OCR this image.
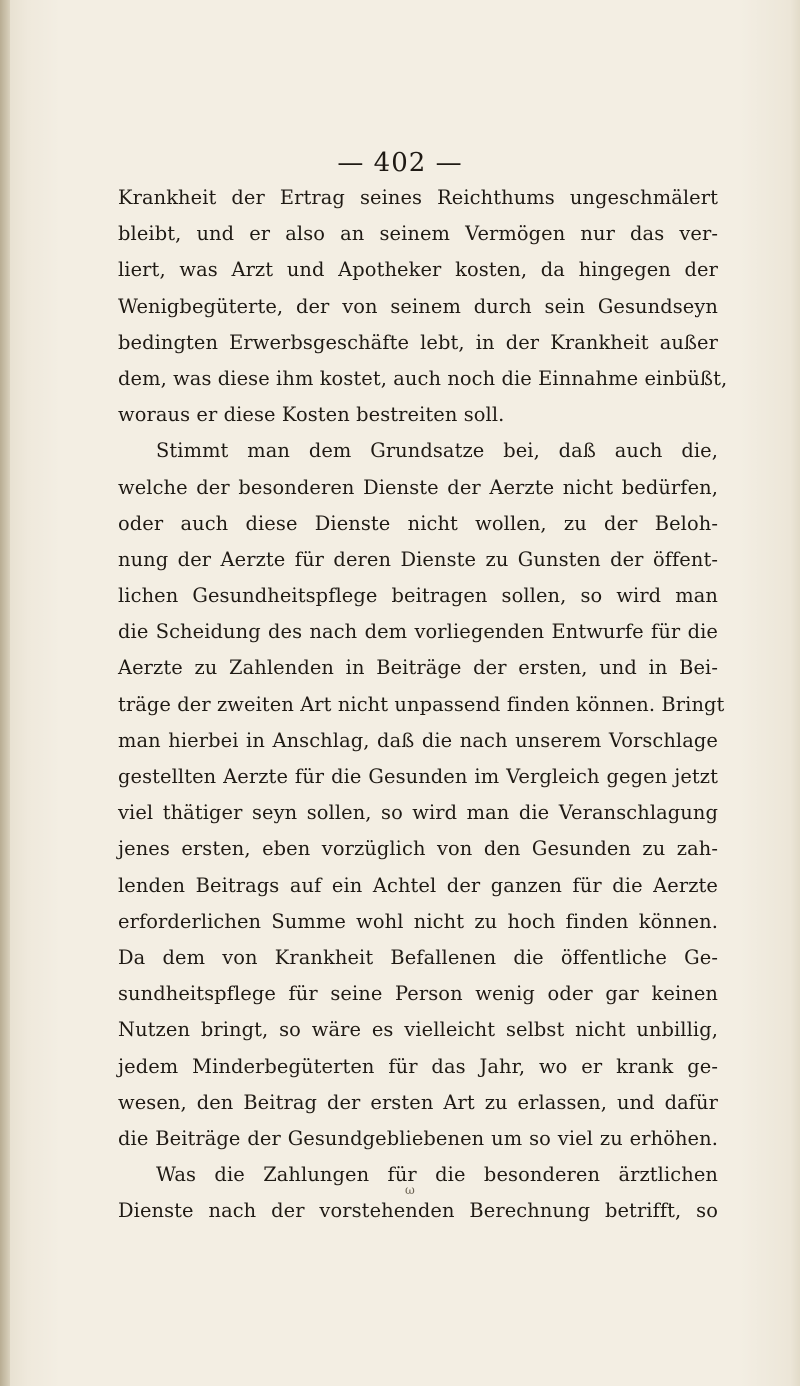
— 402 —
Krankheit der Ertrag seines Reichthums ungeschmälert
bleibt, und er also an seinem Vermögen nur das ver-
liert, was Arzt und Apotheker kosten, da hingegen der
Wenigbegüterte, der von seinem durch sein Gesundseyn
bedingten Erwerbsgeschäfte lebt, in der Krankheit außer
dem, was diese ihm kostet, auch noch die Einnahme einbüßt,
woraus er diese Kosten bestreiten soll.
Stimmt man dem Grundsatze bei, daß auch die,
welche der besonderen Dienste der Aerzte nicht bedürfen,
oder auch diese Dienste nicht wollen, zu der Beloh-
nung der Aerzte für deren Dienste zu Gunsten der öffent-
lichen Gesundheitspflege beitragen sollen, so wird man
die Scheidung des nach dem vorliegenden Entwurfe für die
Aerzte zu Zahlenden in Beiträge der ersten, und in Bei-
träge der zweiten Art nicht unpassend finden können. Bringt
man hierbei in Anschlag, daß die nach unserem Vorschlage
gestellten Aerzte für die Gesunden im Vergleich gegen jetzt
viel thätiger seyn sollen, so wird man die Veranschlagung
jenes ersten, eben vorzüglich von den Gesunden zu zah-
lenden Beitrags auf ein Achtel der ganzen für die Aerzte
erforderlichen Summe wohl nicht zu hoch finden können.
Da dem von Krankheit Befallenen die öffentliche Ge-
sundheitspflege für seine Person wenig oder gar keinen
Nutzen bringt, so wäre es vielleicht selbst nicht unbillig,
jedem Minderbegüterten für das Jahr, wo er krank ge-
wesen, den Beitrag der ersten Art zu erlassen, und dafür
die Beiträge der Gesundgebliebenen um so viel zu erhöhen.
Was die Zahlungen für die besonderen ärztlichen
Dienste nach der vorstehenden Berechnung betrifft, so
ω
